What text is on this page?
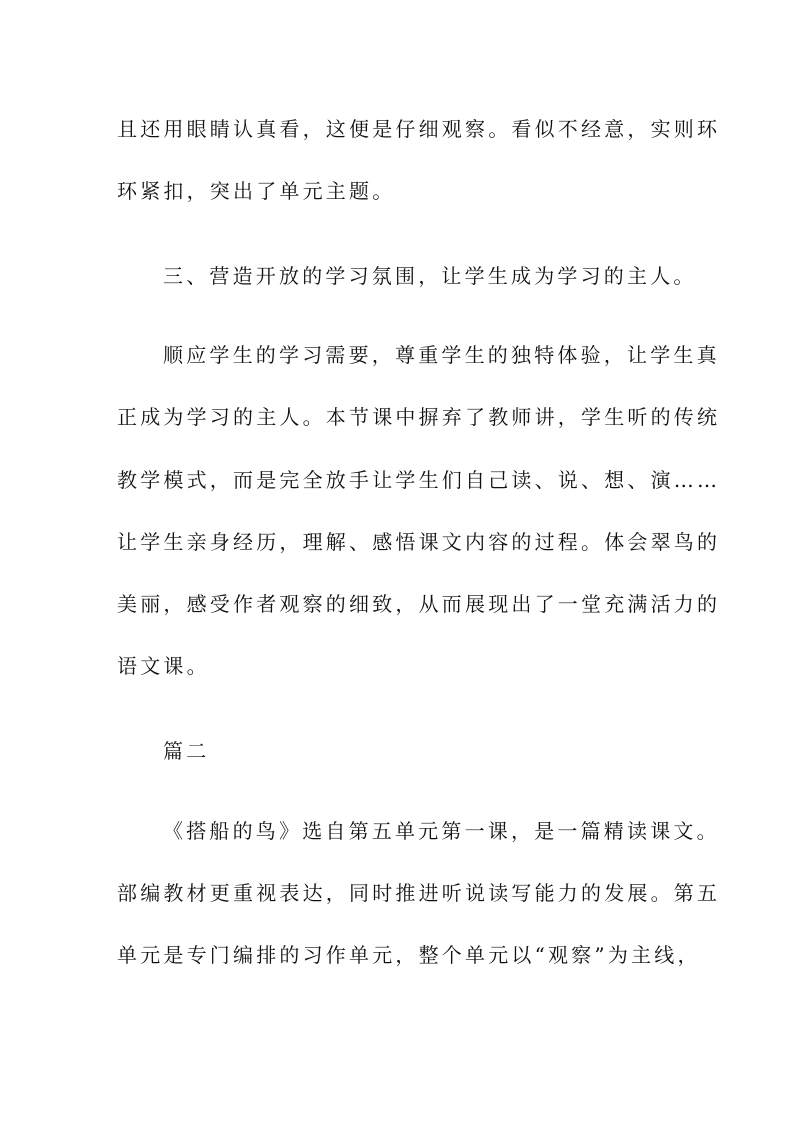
且还用眼睛认真看，这便是仔细观察。看似不经意，实则环
环紧扣，突出了单元主题。
三、营造开放的学习氛围，让学生成为学习的主人。
顺应学生的学习需要，尊重学生的独特体验，让学生真
正成为学习的主人。本节课中摒弃了教师讲，学生听的传统
教学模式，而是完全放手让学生们自己读、说、想、演……
让学生亲身经历，理解、感悟课文内容的过程。体会翠鸟的
美丽，感受作者观察的细致，从而展现出了一堂充满活力的
语文课。
篇二
《搭船的鸟》选自第五单元第一课，是一篇精读课文。
部编教材更重视表达，同时推进听说读写能力的发展。第五
单元是专门编排的习作单元，整个单元以“观察”为主线，
